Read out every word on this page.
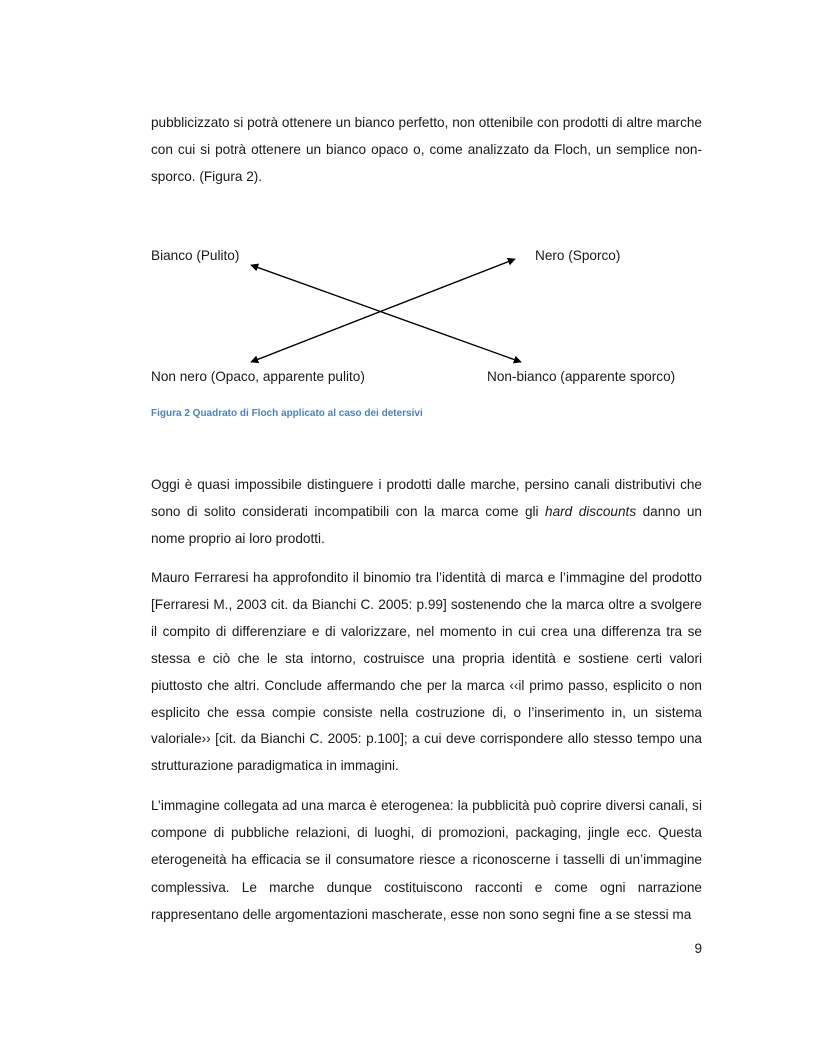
pubblicizzato si potrà ottenere un bianco perfetto, non ottenibile con prodotti di altre marche con cui si potrà ottenere un bianco opaco o, come analizzato da Floch, un semplice non-sporco. (Figura 2).

Bianco (Pulito)	Nero (Sporco)
Non nero (Opaco, apparente pulito)	Non-bianco (apparente sporco)
Figura 2 Quadrato di Floch applicato al caso dei detersivi

Oggi è quasi impossibile distinguere i prodotti dalle marche, persino canali distributivi che sono di solito considerati incompatibili con la marca come gli hard discounts danno un nome proprio ai loro prodotti.

Mauro Ferraresi ha approfondito il binomio tra l’identità di marca e l’immagine del prodotto [Ferraresi M., 2003 cit. da Bianchi C. 2005: p.99] sostenendo che la marca oltre a svolgere il compito di differenziare e di valorizzare, nel momento in cui crea una differenza tra se stessa e ciò che le sta intorno, costruisce una propria identità e sostiene certi valori piuttosto che altri. Conclude affermando che per la marca ‹‹il primo passo, esplicito o non esplicito che essa compie consiste nella costruzione di, o l’inserimento in, un sistema valoriale›› [cit. da Bianchi C. 2005: p.100]; a cui deve corrispondere allo stesso tempo una strutturazione paradigmatica in immagini.

L’immagine collegata ad una marca è eterogenea: la pubblicità può coprire diversi canali, si compone di pubbliche relazioni, di luoghi, di promozioni, packaging, jingle ecc. Questa eterogeneità ha efficacia se il consumatore riesce a riconoscerne i tasselli di un’immagine complessiva. Le marche dunque costituiscono racconti e come ogni narrazione rappresentano delle argomentazioni mascherate, esse non sono segni fine a se stessi ma

9
